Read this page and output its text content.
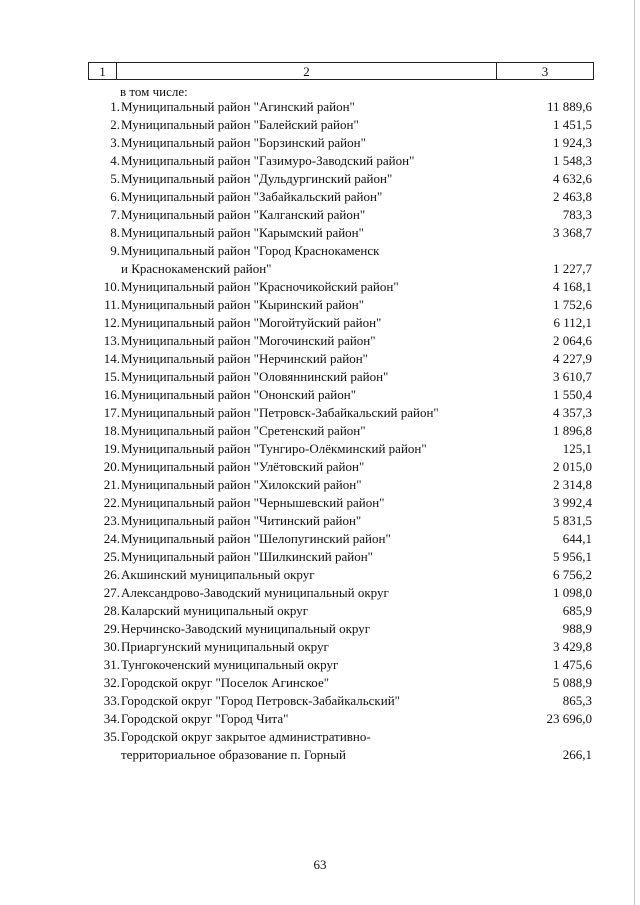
1	2	3
в том числе:
1. Муниципальный район "Агинский район"	11 889,6
2. Муниципальный район "Балейский район"	1 451,5
3. Муниципальный район "Борзинский район"	1 924,3
4. Муниципальный район "Газимуро-Заводский район"	1 548,3
5. Муниципальный район "Дульдургинский район"	4 632,6
6. Муниципальный район "Забайкальский район"	2 463,8
7. Муниципальный район "Калганский район"	783,3
8. Муниципальный район "Карымский район"	3 368,7
9. Муниципальный район "Город Краснокаменск
и Краснокаменский район"	1 227,7
10. Муниципальный район "Красночикойский район"	4 168,1
11. Муниципальный район "Кыринский район"	1 752,6
12. Муниципальный район "Могойтуйский район"	6 112,1
13. Муниципальный район "Могочинский район"	2 064,6
14. Муниципальный район "Нерчинский район"	4 227,9
15. Муниципальный район "Оловяннинский район"	3 610,7
16. Муниципальный район "Ононский район"	1 550,4
17. Муниципальный район "Петровск-Забайкальский район"	4 357,3
18. Муниципальный район "Сретенский район"	1 896,8
19. Муниципальный район "Тунгиро-Олёкминский район"	125,1
20. Муниципальный район "Улётовский район"	2 015,0
21. Муниципальный район "Хилокский район"	2 314,8
22. Муниципальный район "Чернышевский район"	3 992,4
23. Муниципальный район "Читинский район"	5 831,5
24. Муниципальный район "Шелопугинский район"	644,1
25. Муниципальный район "Шилкинский район"	5 956,1
26. Акшинский муниципальный округ	6 756,2
27. Александрово-Заводский муниципальный округ	1 098,0
28. Каларский муниципальный округ	685,9
29. Нерчинско-Заводский муниципальный округ	988,9
30. Приаргунский муниципальный округ	3 429,8
31. Тунгокоченский муниципальный округ	1 475,6
32. Городской округ "Поселок Агинское"	5 088,9
33. Городской округ "Город Петровск-Забайкальский"	865,3
34. Городской округ "Город Чита"	23 696,0
35. Городской округ закрытое административно-
территориальное образование п. Горный	266,1
63
